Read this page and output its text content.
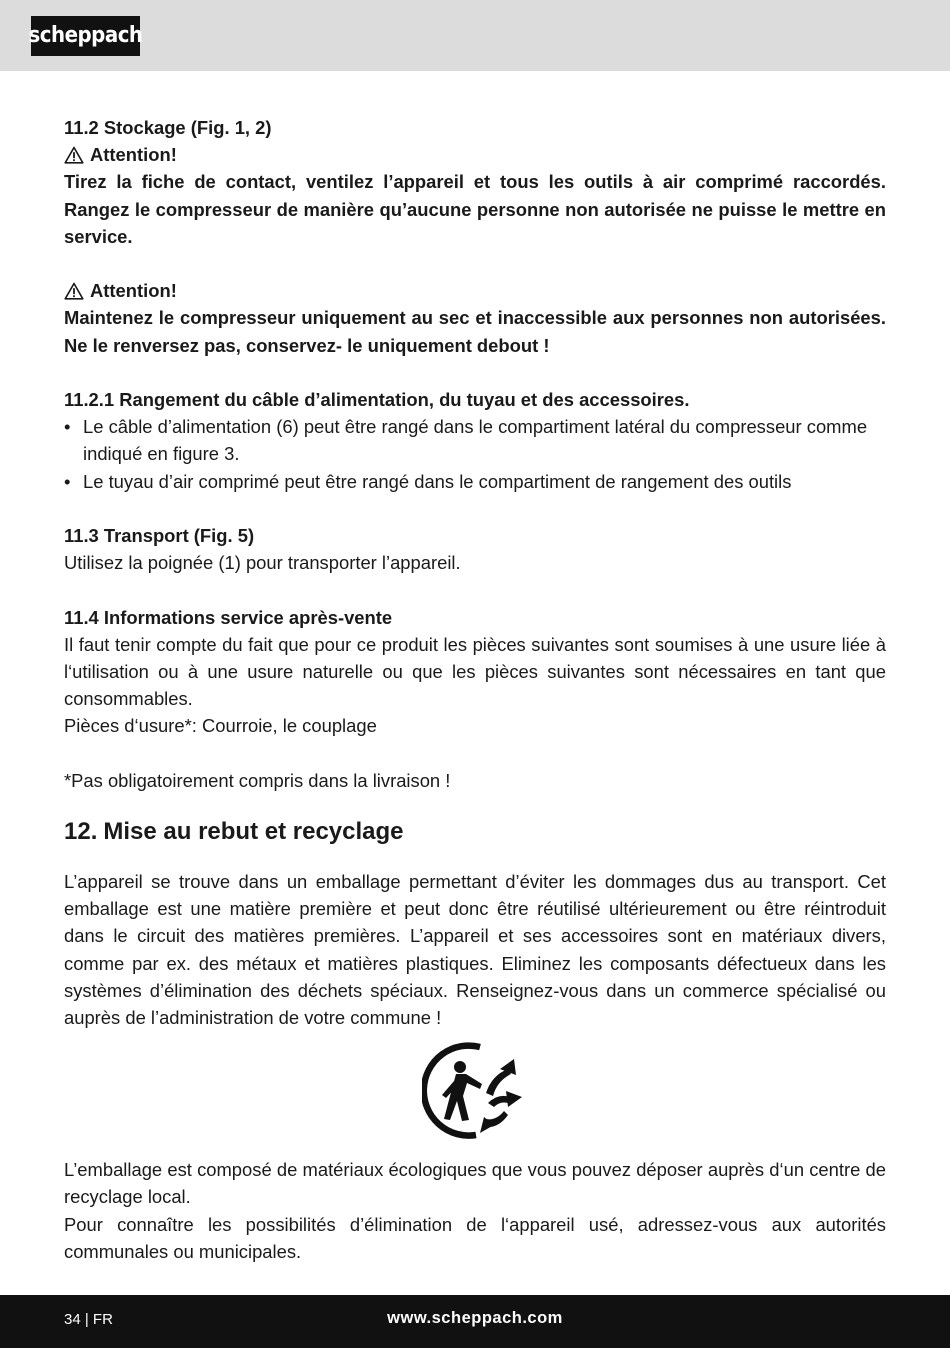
scheppach

11.2 Stockage (Fig. 1, 2)

Attention!

Tirez la fiche de contact, ventilez l’appareil et tous les outils à air comprimé raccordés. Rangez le compresseur de manière qu’aucune personne non autorisée ne puisse le mettre en service.

Attention!

Maintenez le compresseur uniquement au sec et inaccessible aux personnes non autorisées. Ne le renversez pas, conservez- le uniquement debout !

11.2.1 Rangement du câble d’alimentation, du tuyau et des accessoires.

• Le câble d’alimentation (6) peut être rangé dans le compartiment latéral du compresseur comme indiqué en figure 3.
• Le tuyau d’air comprimé peut être rangé dans le compartiment de rangement des outils

11.3 Transport (Fig. 5)

Utilisez la poignée (1) pour transporter l’appareil.

11.4 Informations service après-vente

Il faut tenir compte du fait que pour ce produit les pièces suivantes sont soumises à une usure liée à l‘utilisation ou à une usure naturelle ou que les pièces suivantes sont nécessaires en tant que consommables.

Pièces d‘usure*: Courroie, le couplage

*Pas obligatoirement compris dans la livraison !

12. Mise au rebut et recyclage

L’appareil se trouve dans un emballage permettant d’éviter les dommages dus au transport. Cet emballage est une matière première et peut donc être réutilisé ultérieurement ou être réintroduit dans le circuit des matières premières. L’appareil et ses accessoires sont en matériaux divers, comme par ex. des métaux et matières plastiques. Eliminez les composants défectueux dans les systèmes d’élimination des déchets spéciaux. Renseignez-vous dans un commerce spécialisé ou auprès de l’administration de votre commune !

L’emballage est composé de matériaux écologiques que vous pouvez déposer auprès d‘un centre de recyclage local.

Pour connaître les possibilités d’élimination de l‘appareil usé, adressez-vous aux autorités communales ou municipales.

34 | FR	www.scheppach.com
